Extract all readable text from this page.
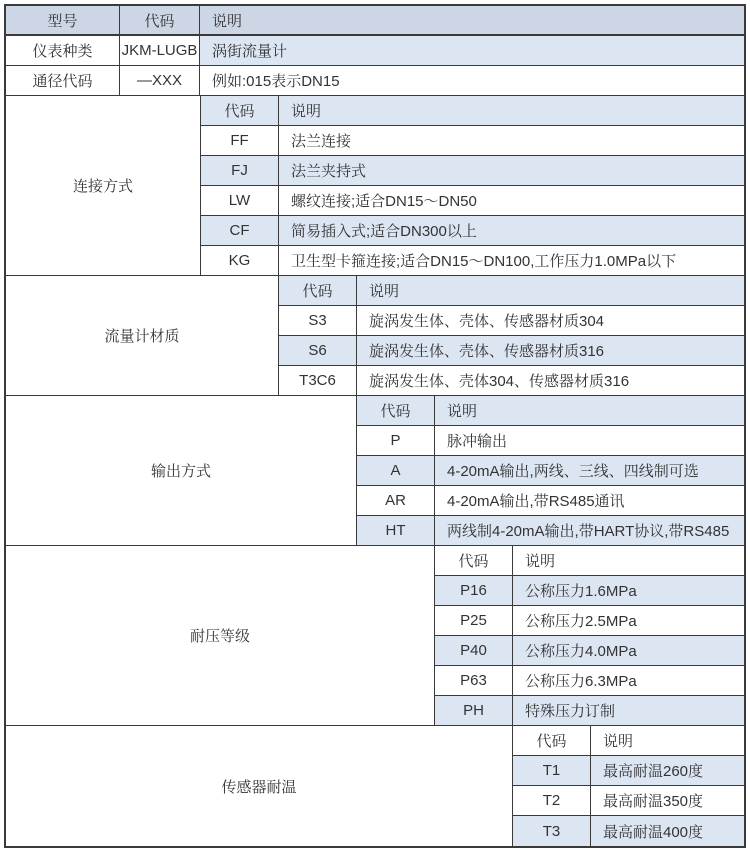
型号	代码	说明
仪表种类	JKM-LUGB 涡街流量计
通径代码	—XXX	例如:015表示DN15
连接方式
代码	说明
FF	法兰连接
FJ	法兰夹持式
LW	螺纹连接;适合DN15～DN50
CF	简易插入式;适合DN300以上
KG	卫生型卡箍连接;适合DN15～DN100,工作压力1.0MPa以下
流量计材质
代码	说明
S3	旋涡发生体、壳体、传感器材质304
S6	旋涡发生体、壳体、传感器材质316
T3C6	旋涡发生体、壳体304、传感器材质316
输出方式
代码	说明
P	脉冲输出
A	4-20mA输出,两线、三线、四线制可选
AR	4-20mA输出,带RS485通讯
HT	两线制4-20mA输出,带HART协议,带RS485
耐压等级
代码	说明
P16	公称压力1.6MPa
P25	公称压力2.5MPa
P40	公称压力4.0MPa
P63	公称压力6.3MPa
PH	特殊压力订制
传感器耐温
代码	说明
T1	最高耐温260度
T2	最高耐温350度
T3	最高耐温400度
